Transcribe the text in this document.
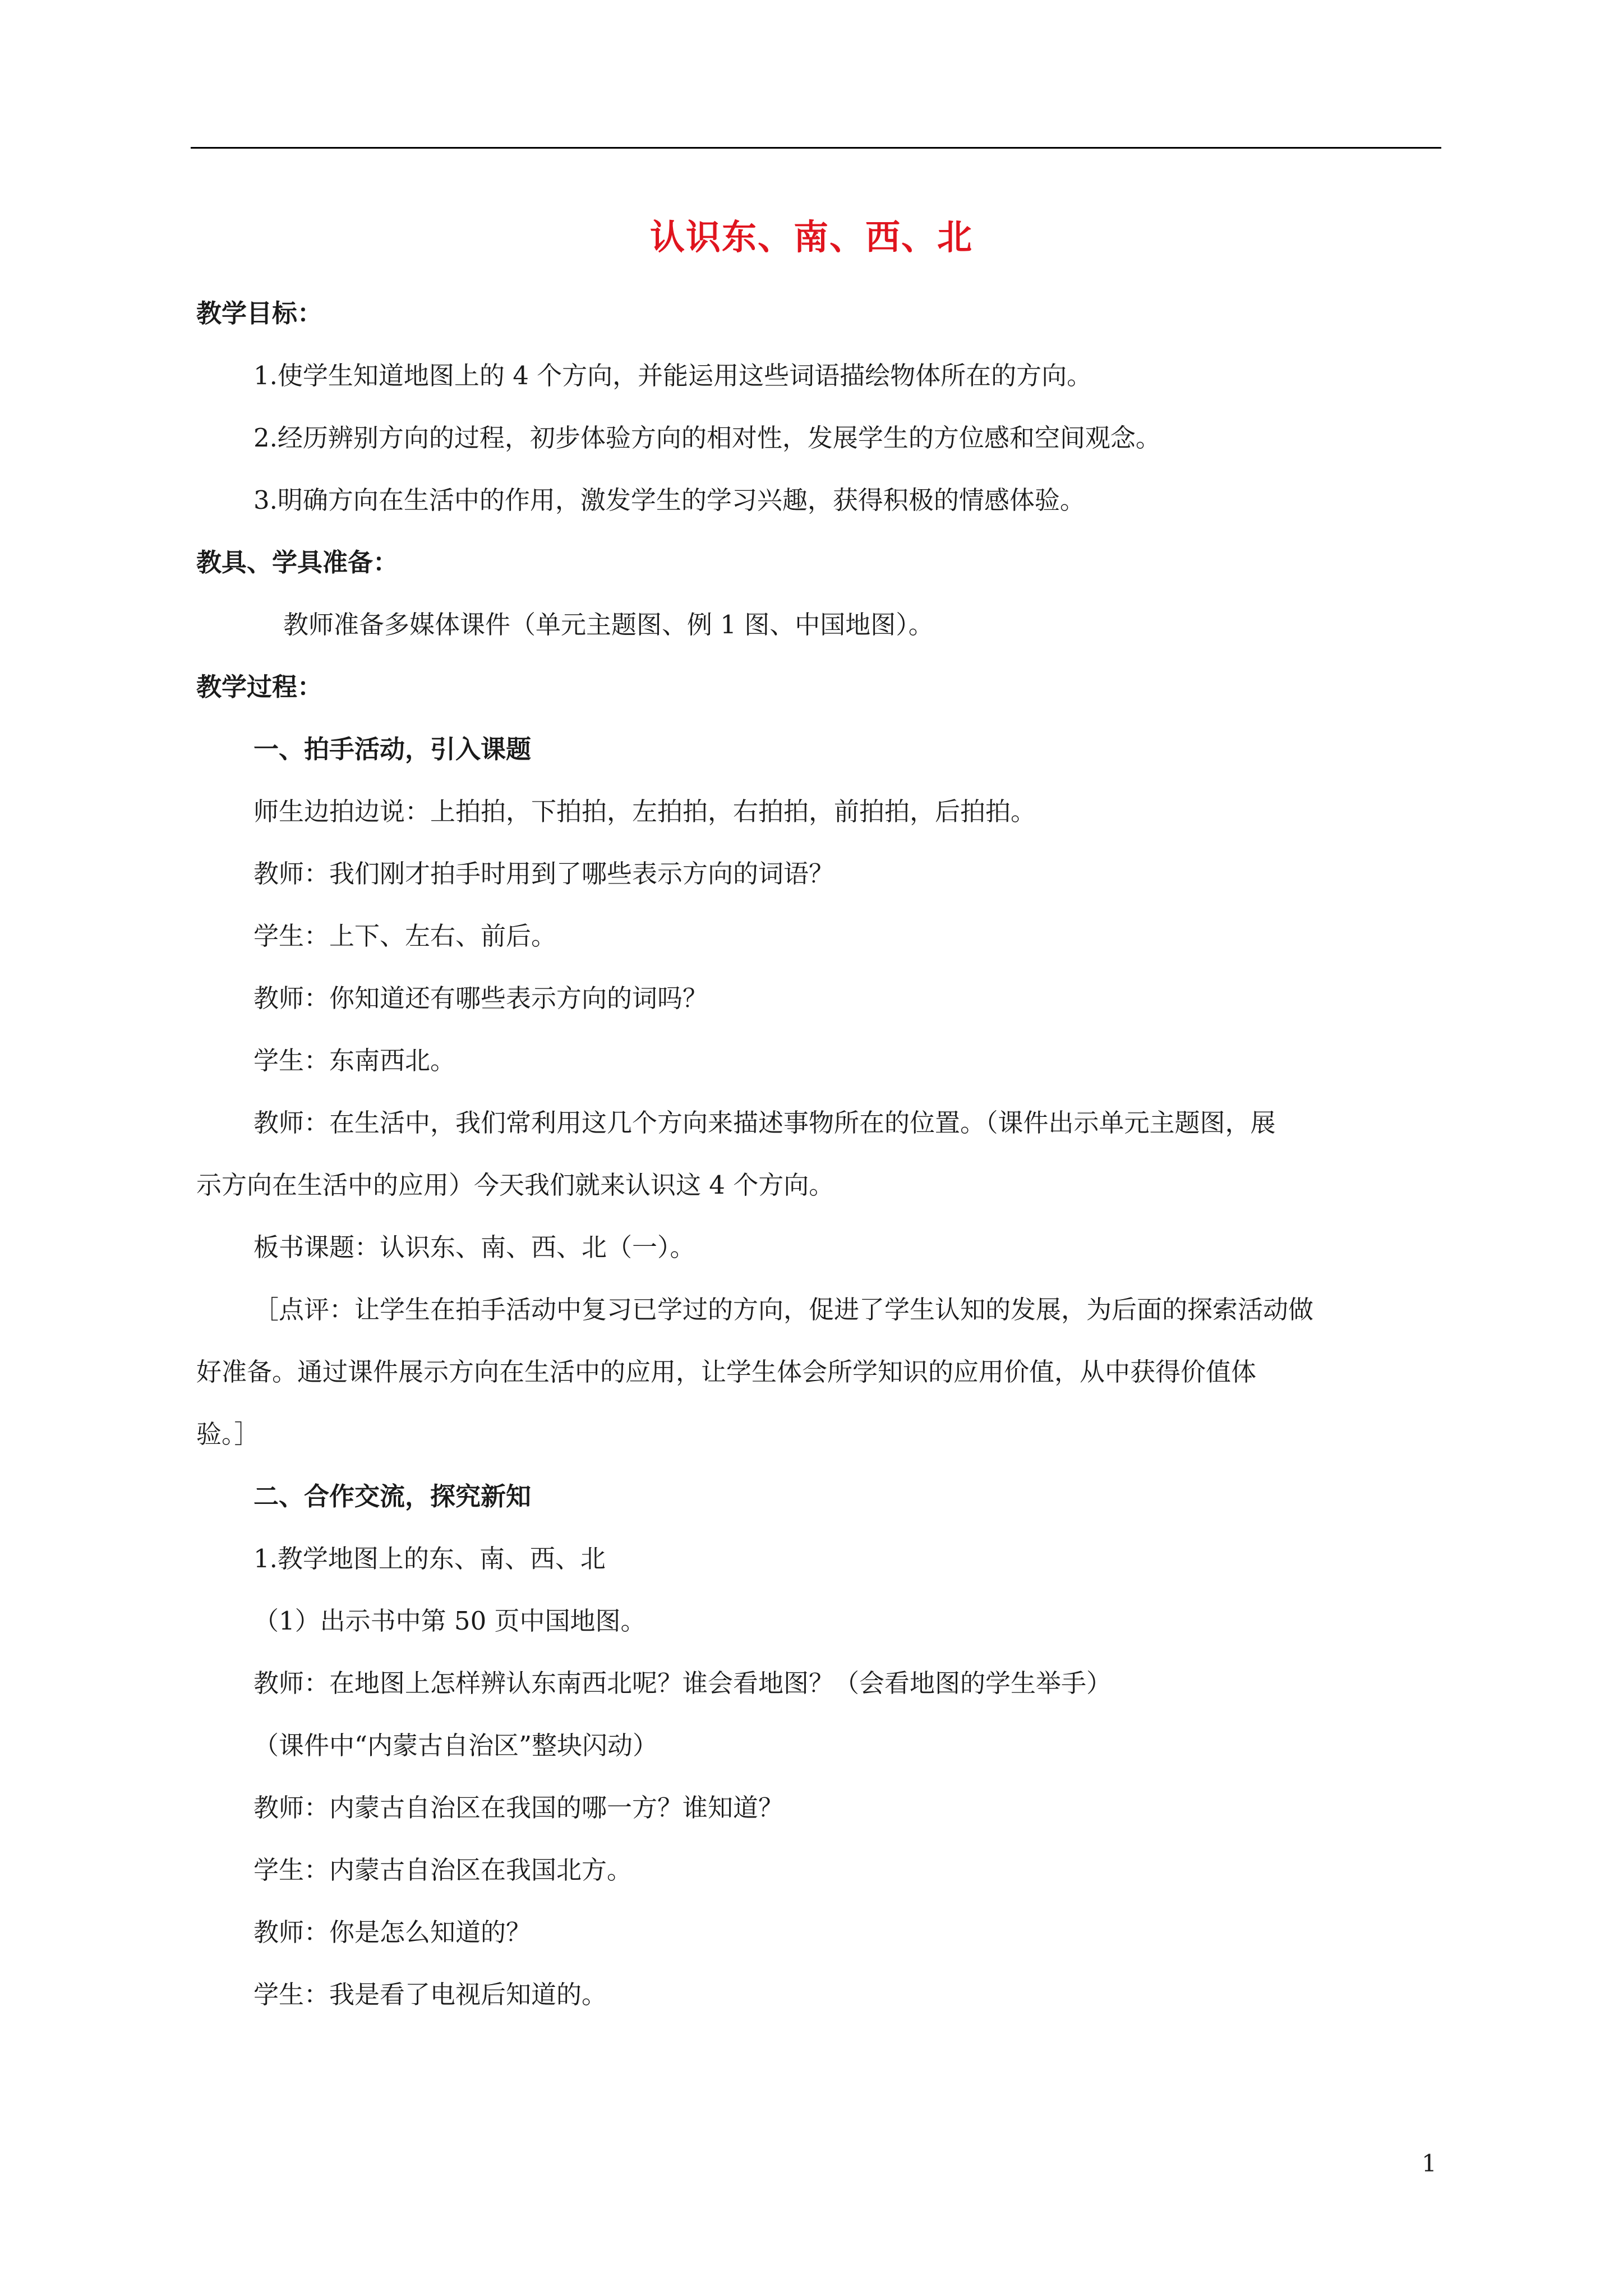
认识东、南、西、北
教学目标：
1.使学生知道地图上的 4 个方向，并能运用这些词语描绘物体所在的方向。
2.经历辨别方向的过程，初步体验方向的相对性，发展学生的方位感和空间观念。
3.明确方向在生活中的作用，激发学生的学习兴趣，获得积极的情感体验。
教具、学具准备：
教师准备多媒体课件（单元主题图、例 1 图、中国地图）。
教学过程：
一、拍手活动，引入课题
师生边拍边说：上拍拍，下拍拍，左拍拍，右拍拍，前拍拍，后拍拍。
教师：我们刚才拍手时用到了哪些表示方向的词语？
学生：上下、左右、前后。
教师：你知道还有哪些表示方向的词吗？
学生：东南西北。
教师：在生活中，我们常利用这几个方向来描述事物所在的位置。（课件出示单元主题图，展
示方向在生活中的应用）今天我们就来认识这 4 个方向。
板书课题：认识东、南、西、北（一）。
［点评：让学生在拍手活动中复习已学过的方向，促进了学生认知的发展，为后面的探索活动做
好准备。通过课件展示方向在生活中的应用，让学生体会所学知识的应用价值，从中获得价值体
验。］
二、合作交流，探究新知
1.教学地图上的东、南、西、北
（1）出示书中第 50 页中国地图。
教师：在地图上怎样辨认东南西北呢？谁会看地图？（会看地图的学生举手）
（课件中“内蒙古自治区”整块闪动）
教师：内蒙古自治区在我国的哪一方？谁知道？
学生：内蒙古自治区在我国北方。
教师：你是怎么知道的？
学生：我是看了电视后知道的。
1
